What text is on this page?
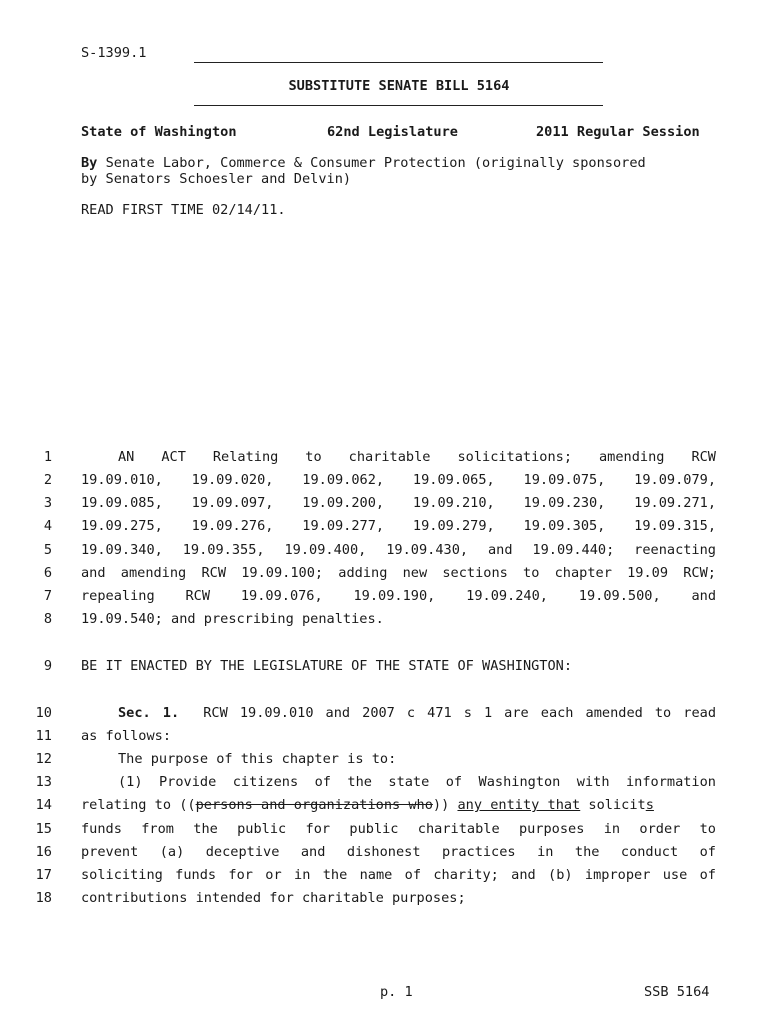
S-1399.1
SUBSTITUTE SENATE BILL 5164
State of Washington	62nd Legislature	2011 Regular Session
By Senate Labor, Commerce & Consumer Protection (originally sponsored
by Senators Schoesler and Delvin)
READ FIRST TIME 02/14/11.
1	AN ACT Relating to charitable solicitations; amending RCW
2 19.09.010, 19.09.020, 19.09.062, 19.09.065, 19.09.075, 19.09.079,
3 19.09.085, 19.09.097, 19.09.200, 19.09.210, 19.09.230, 19.09.271,
4 19.09.275, 19.09.276, 19.09.277, 19.09.279, 19.09.305, 19.09.315,
5 19.09.340, 19.09.355, 19.09.400, 19.09.430, and 19.09.440; reenacting
6 and amending RCW 19.09.100; adding new sections to chapter 19.09 RCW;
7 repealing RCW 19.09.076, 19.09.190, 19.09.240, 19.09.500, and
8 19.09.540; and prescribing penalties.
9 BE IT ENACTED BY THE LEGISLATURE OF THE STATE OF WASHINGTON:
10	Sec. 1. RCW 19.09.010 and 2007 c 471 s 1 are each amended to read
11 as follows:
12	The purpose of this chapter is to:
13	(1) Provide citizens of the state of Washington with information
14 relating to ((persons and organizations who)) any entity that solicits
15 funds from the public for public charitable purposes in order to
16 prevent (a) deceptive and dishonest practices in the conduct of
17 soliciting funds for or in the name of charity; and (b) improper use of
18 contributions intended for charitable purposes;
p. 1	SSB 5164
